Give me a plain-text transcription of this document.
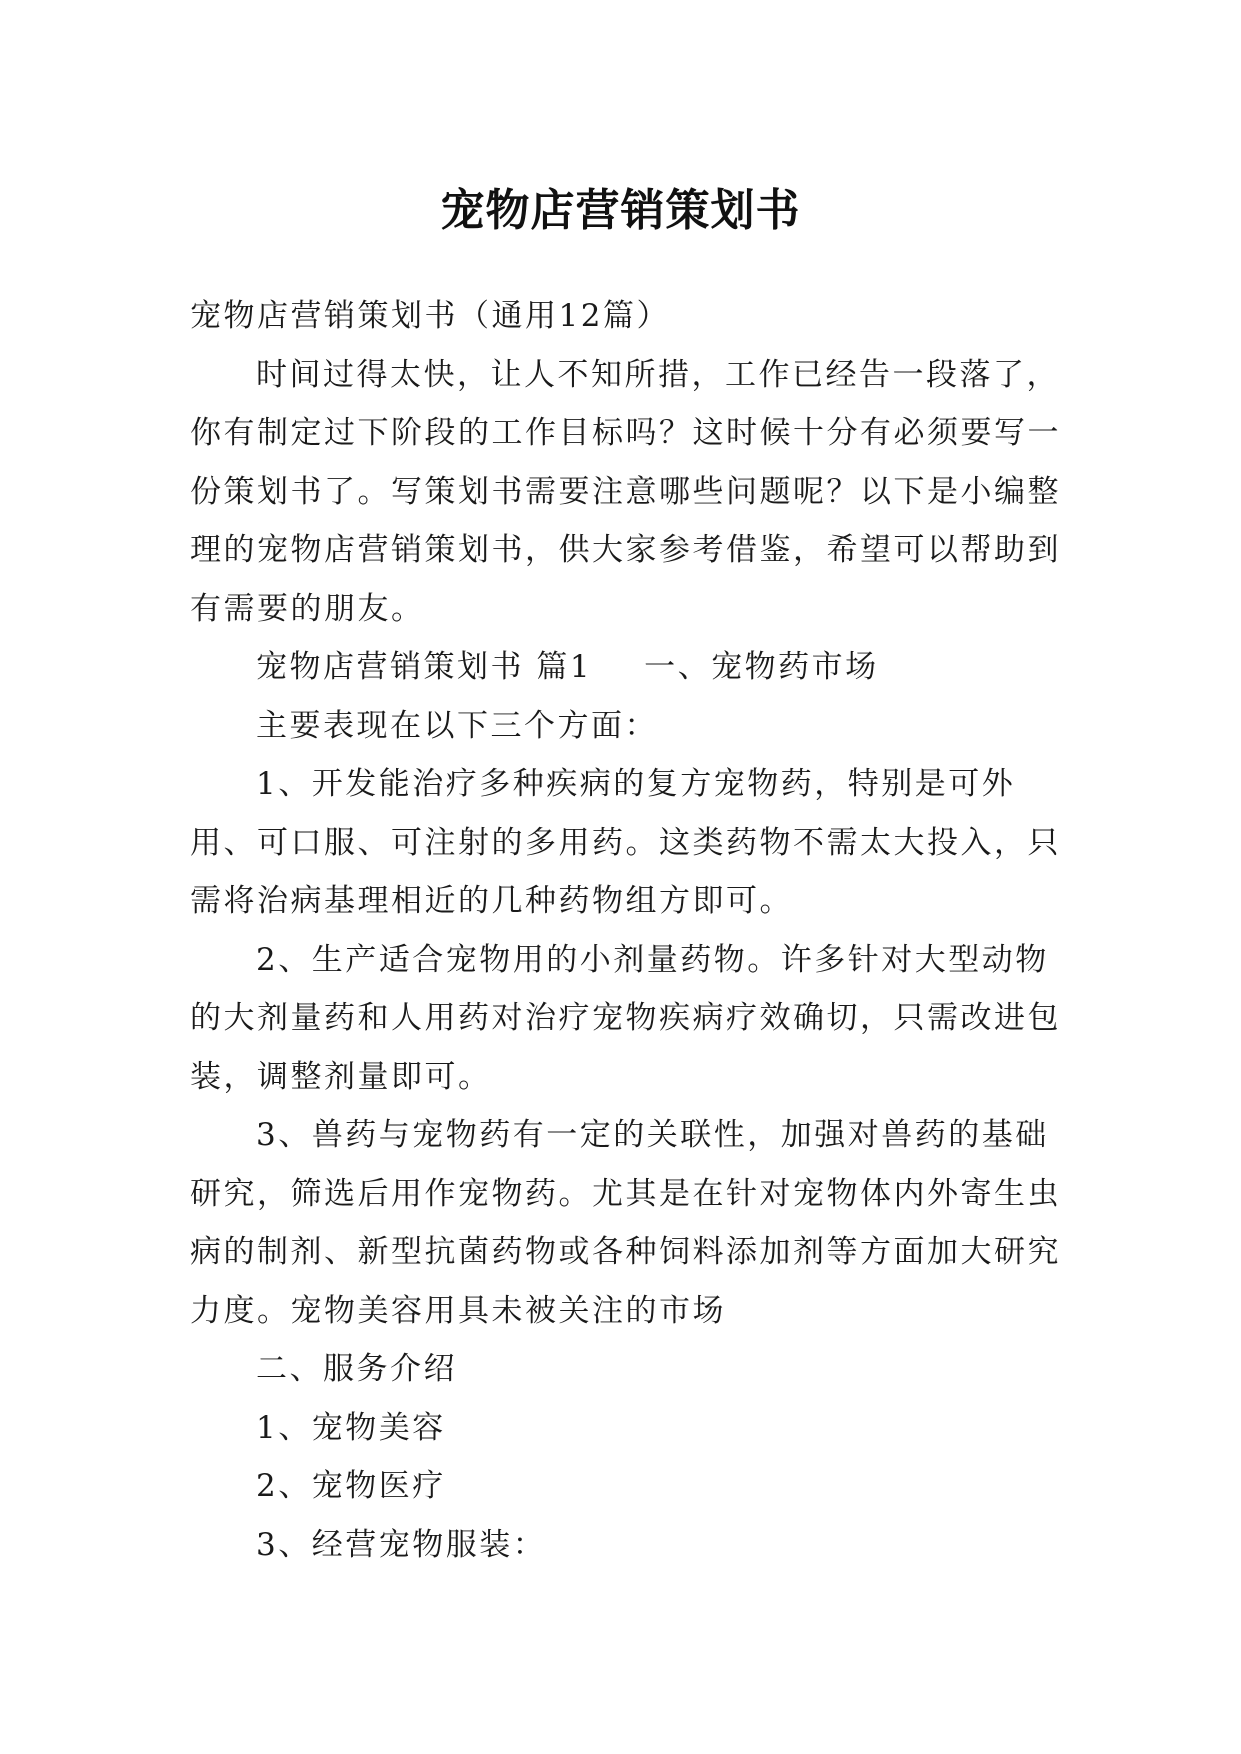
宠物店营销策划书

宠物店营销策划书（通用12篇）

时间过得太快，让人不知所措，工作已经告一段落了，你有制定过下阶段的工作目标吗？这时候十分有必须要写一份策划书了。写策划书需要注意哪些问题呢？以下是小编整理的宠物店营销策划书，供大家参考借鉴，希望可以帮助到有需要的朋友。

宠物店营销策划书 篇1 一、宠物药市场

主要表现在以下三个方面：

1、开发能治疗多种疾病的复方宠物药，特别是可外用、可口服、可注射的多用药。这类药物不需太大投入，只需将治病基理相近的几种药物组方即可。

2、生产适合宠物用的小剂量药物。许多针对大型动物的大剂量药和人用药对治疗宠物疾病疗效确切，只需改进包装，调整剂量即可。

3、兽药与宠物药有一定的关联性，加强对兽药的基础研究，筛选后用作宠物药。尤其是在针对宠物体内外寄生虫病的制剂、新型抗菌药物或各种饲料添加剂等方面加大研究力度。宠物美容用具未被关注的市场

二、服务介绍

1、宠物美容

2、宠物医疗

3、经营宠物服装：
